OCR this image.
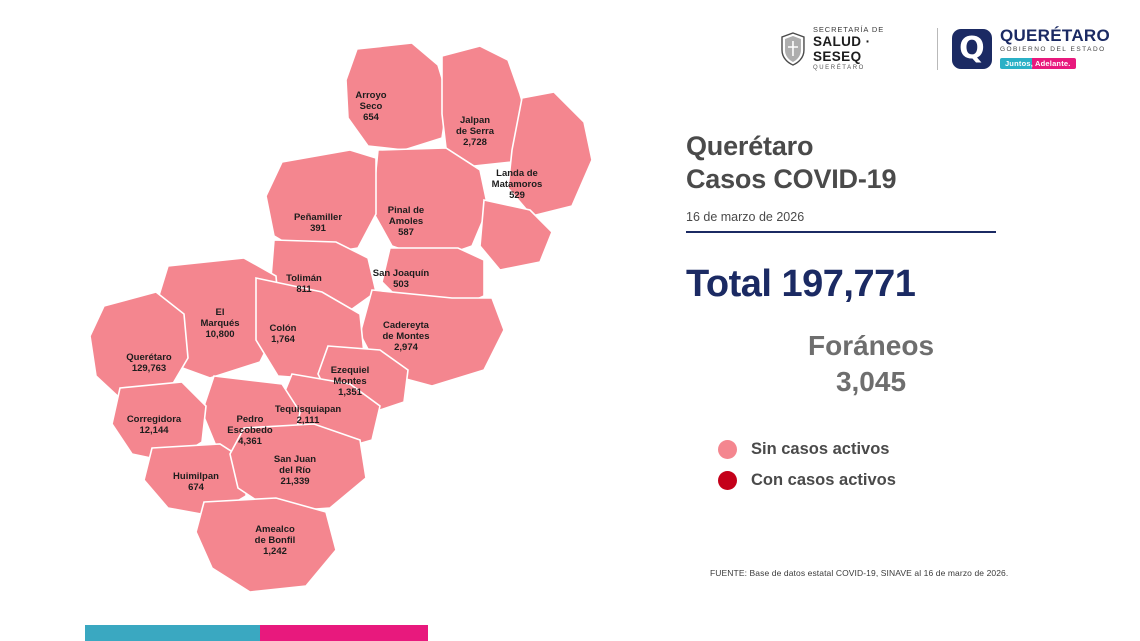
SECRETARÍA DE
SALUD · SESEQ
QUERÉTARO
Q QUERÉTARO
GOBIERNO DEL ESTADO
Juntos, Adelante.
Arroyo
Seco
654	Jalpan
de Serra
2,728
Landa de
Matamoros
529
Peñamiller
391
Pinal de
Amoles
587
San Joaquín
503
Tolimán
811
Cadereyta
de Montes
2,974
Colón
1,764
El
Marqués
10,800
Querétaro
129,763	Ezequiel
Montes
1,351
Corregidora
12,144
Pedro
Escobedo
4,361
Tequisquiapan
2,111
Huimilpan
674
San Juan
del Río
21,339
Amealco
de Bonfil
1,242
Querétaro
Casos COVID-19
16 de marzo de 2026
Total 197,771
Foráneos
3,045
Sin casos activos
Con casos activos
FUENTE: Base de datos estatal COVID-19, SINAVE al 16 de marzo de 2026.
